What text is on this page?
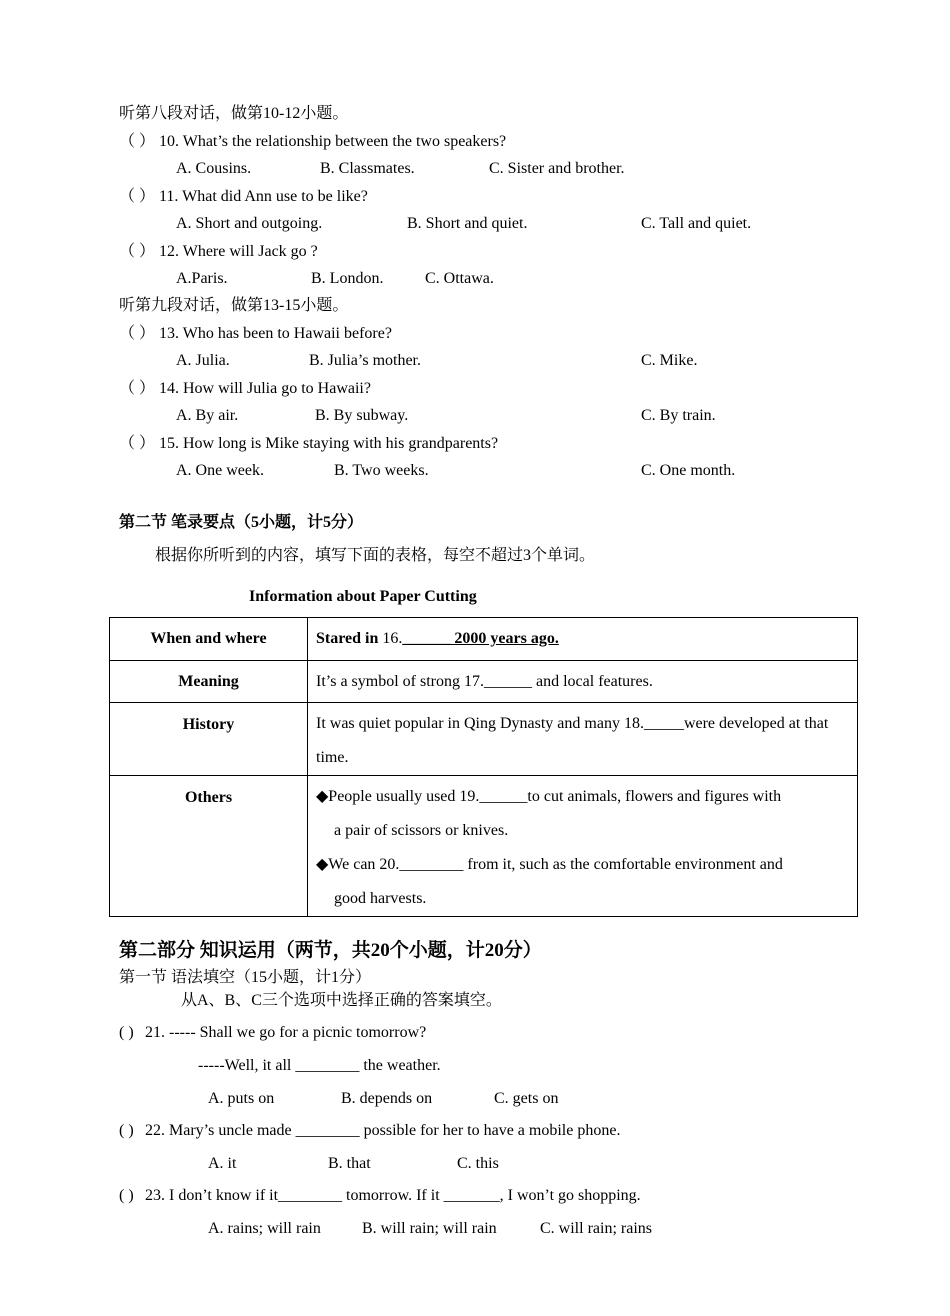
听第八段对话，做第10-12小题。
（ ） 10. What’s the relationship between the two speakers?
A. Cousins.	B. Classmates.	C. Sister and brother.
（ ） 11. What did Ann use to be like?
A. Short and outgoing.	B. Short and quiet.	C. Tall and quiet.
（ ） 12. Where will Jack go ?
A.Paris.	B. London.	C. Ottawa.
听第九段对话，做第13-15小题。
（ ） 13. Who has been to Hawaii before?
A. Julia.	B. Julia’s mother.	C. Mike.
（ ） 14. How will Julia go to Hawaii?
A. By air.	B. By subway.	C. By train.
（ ） 15. How long is Mike staying with his grandparents?
A. One week.	B. Two weeks.	C. One month.
第二节 笔录要点（5小题，计5分）
根据你所听到的内容，填写下面的表格，每空不超过3个单词。
Information about Paper Cutting
When and where	Stared in 16.______ 2000 years ago.
Meaning	It’s a symbol of strong 17.______ and local features.
History	It was quiet popular in Qing Dynasty and many 18._____were developed at that time.
Others	◆People usually used 19.______to cut animals, flowers and figures with
a pair of scissors or knives.
◆We can 20.________ from it, such as the comfortable environment and
good harvests.
第二部分 知识运用（两节，共20个小题，计20分）
第一节 语法填空（15小题，计1分）
从A、B、C三个选项中选择正确的答案填空。
( ) 21. ----- Shall we go for a picnic tomorrow?
-----Well, it all ________ the weather.
A. puts on	B. depends on	C. gets on
( ) 22. Mary’s uncle made ________ possible for her to have a mobile phone.
A. it	B. that	C. this
( ) 23. I don’t know if it________ tomorrow. If it _______, I won’t go shopping.
A. rains; will rain	B. will rain; will rain	C. will rain; rains
